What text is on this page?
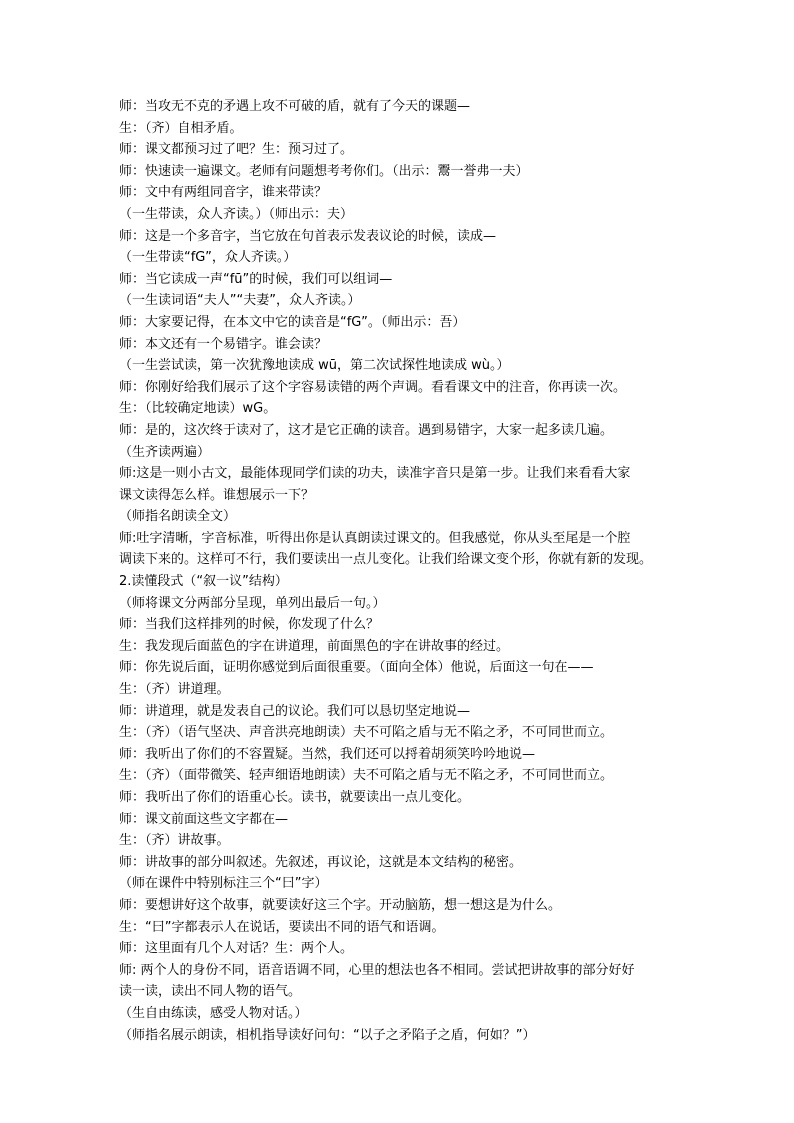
师：当攻无不克的矛遇上攻不可破的盾，就有了今天的课题—
生：（齐）自相矛盾。
师：课文都预习过了吧？生：预习过了。
师：快速读一遍课文。老师有问题想考考你们。（出示：鬻一誉弗一夫）
师：文中有两组同音字，谁来带读？
（一生带读，众人齐读。）（师出示：夫）
师：这是一个多音字，当它放在句首表示发表议论的时候，读成—
（一生带读“fG”，众人齐读。）
师：当它读成一声“fū”的时候，我们可以组词—
（一生读词语“夫人”“夫妻”，众人齐读。）
师：大家要记得，在本文中它的读音是“fG”。（师出示：吾）
师：本文还有一个易错字。谁会读？
（一生尝试读，第一次犹豫地读成 wū，第二次试探性地读成 wù。）
师：你刚好给我们展示了这个字容易读错的两个声调。看看课文中的注音，你再读一次。
生：（比较确定地读）wG。
师：是的，这次终于读对了，这才是它正确的读音。遇到易错字，大家一起多读几遍。
（生齐读两遍）
师:这是一则小古文，最能体现同学们读的功夫，读准字音只是第一步。让我们来看看大家
课文读得怎么样。谁想展示一下？
（师指名朗读全文）
师:吐字清晰，字音标准，听得出你是认真朗读过课文的。但我感觉，你从头至尾是一个腔
调读下来的。这样可不行，我们要读出一点儿变化。让我们给课文变个形，你就有新的发现。
2.读懂段式（“叙一议”结构）
（师将课文分两部分呈现，单列出最后一句。）
师：当我们这样排列的时候，你发现了什么？
生：我发现后面蓝色的字在讲道理，前面黑色的字在讲故事的经过。
师：你先说后面，证明你感觉到后面很重要。（面向全体）他说，后面这一句在——
生：（齐）讲道理。
师：讲道理，就是发表自己的议论。我们可以恳切坚定地说—
生：（齐）（语气坚决、声音洪亮地朗读）夫不可陷之盾与无不陷之矛，不可同世而立。
师：我听出了你们的不容置疑。当然，我们还可以捋着胡须笑吟吟地说—
生：（齐）（面带微笑、轻声细语地朗读）夫不可陷之盾与无不陷之矛，不可同世而立。
师：我听出了你们的语重心长。读书，就要读出一点儿变化。
师：课文前面这些文字都在—
生：（齐）讲故事。
师：讲故事的部分叫叙述。先叙述，再议论，这就是本文结构的秘密。
（师在课件中特别标注三个“曰”字）
师：要想讲好这个故事，就要读好这三个字。开动脑筋，想一想这是为什么。
生：“曰”字都表示人在说话，要读出不同的语气和语调。
师：这里面有几个人对话？生：两个人。
师: 两个人的身份不同，语音语调不同，心里的想法也各不相同。尝试把讲故事的部分好好
读一读，读出不同人物的语气。
（生自由练读，感受人物对话。）
（师指名展示朗读，相机指导读好问句：“以子之矛陷子之盾，何如？”）
